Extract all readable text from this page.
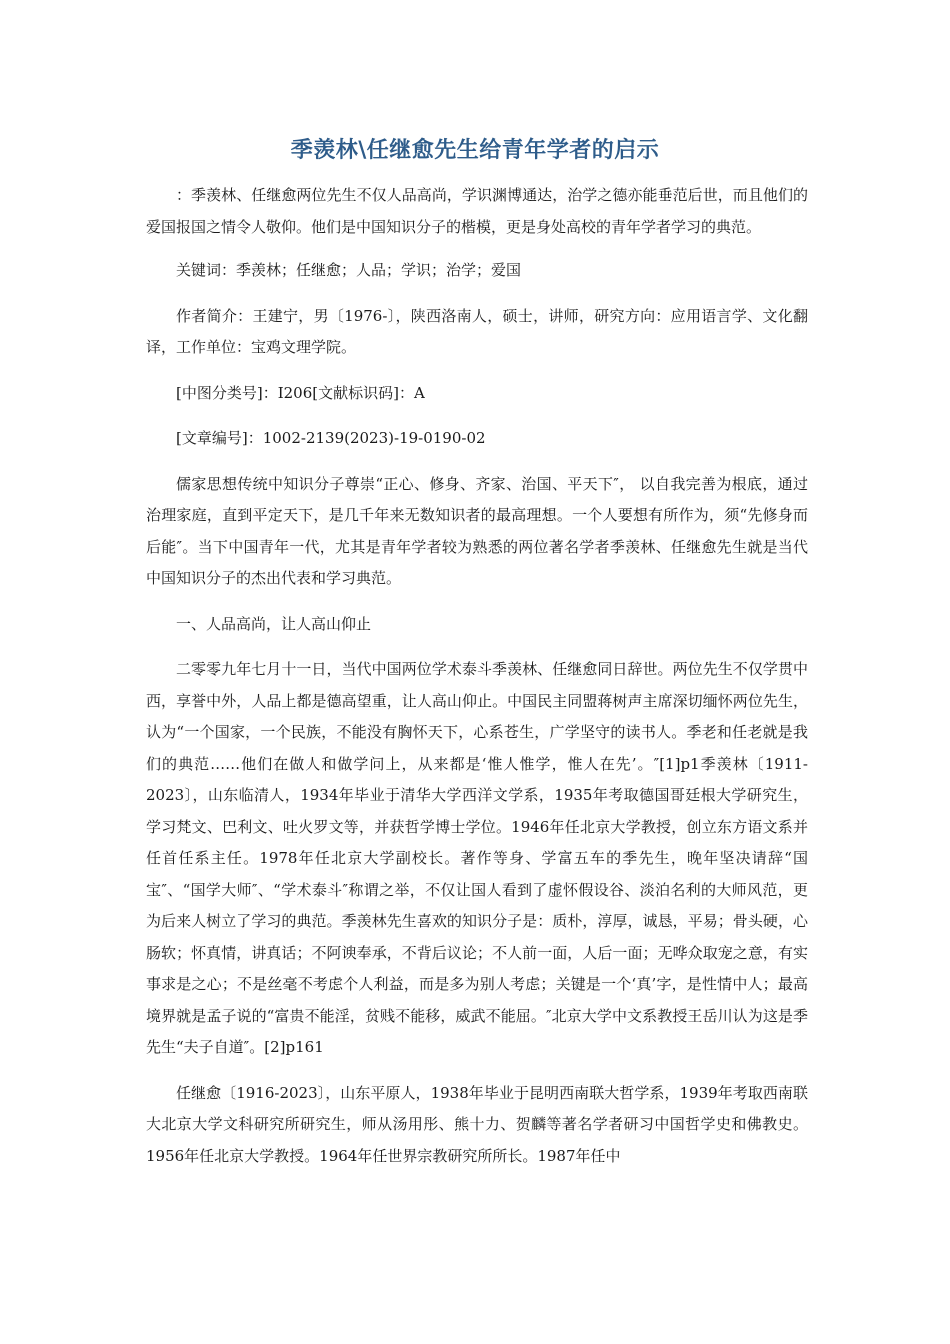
季羡林\任继愈先生给青年学者的启示

：季羡林、任继愈两位先生不仅人品高尚，学识渊博通达，治学之德亦能垂范后世，而且他们的爱国报国之情令人敬仰。他们是中国知识分子的楷模，更是身处高校的青年学者学习的典范。

关键词：季羡林；任继愈；人品；学识；治学；爱国

作者简介：王建宁，男〔1976-〕，陕西洛南人，硕士，讲师，研究方向：应用语言学、文化翻译，工作单位：宝鸡文理学院。

[中图分类号]：I206[文献标识码]：A

[文章编号]：1002-2139(2023)-19-0190-02

儒家思想传统中知识分子尊崇“正心、修身、齐家、治国、平天下″， 以自我完善为根底，通过治理家庭，直到平定天下，是几千年来无数知识者的最高理想。一个人要想有所作为，须“先修身而后能″。当下中国青年一代，尤其是青年学者较为熟悉的两位著名学者季羡林、任继愈先生就是当代中国知识分子的杰出代表和学习典范。

一、人品高尚，让人高山仰止

二零零九年七月十一日，当代中国两位学术泰斗季羡林、任继愈同日辞世。两位先生不仅学贯中西，享誉中外，人品上都是德高望重，让人高山仰止。中国民主同盟蒋树声主席深切缅怀两位先生，认为“一个国家，一个民族，不能没有胸怀天下，心系苍生，广学坚守的读书人。季老和任老就是我们的典范……他们在做人和做学问上，从来都是‘惟人惟学，惟人在先’。″[1]p1季羡林〔1911-2023〕，山东临清人，1934年毕业于清华大学西洋文学系，1935年考取德国哥廷根大学研究生，学习梵文、巴利文、吐火罗文等，并获哲学博士学位。1946年任北京大学教授，创立东方语文系并任首任系主任。1978年任北京大学副校长。著作等身、学富五车的季先生，晚年坚决请辞“国宝″、“国学大师″、“学术泰斗″称谓之举，不仅让国人看到了虚怀假设谷、淡泊名利的大师风范，更为后来人树立了学习的典范。季羡林先生喜欢的知识分子是：质朴，淳厚，诚恳，平易；骨头硬，心肠软；怀真情，讲真话；不阿谀奉承，不背后议论；不人前一面，人后一面；无哗众取宠之意，有实事求是之心；不是丝毫不考虑个人利益，而是多为别人考虑；关键是一个‘真’字，是性情中人；最高境界就是孟子说的“富贵不能淫，贫贱不能移，威武不能屈。″北京大学中文系教授王岳川认为这是季先生“夫子自道″。[2]p161

任继愈〔1916-2023〕，山东平原人，1938年毕业于昆明西南联大哲学系，1939年考取西南联大北京大学文科研究所研究生，师从汤用彤、熊十力、贺麟等著名学者研习中国哲学史和佛教史。1956年任北京大学教授。1964年任世界宗教研究所所长。1987年任中
